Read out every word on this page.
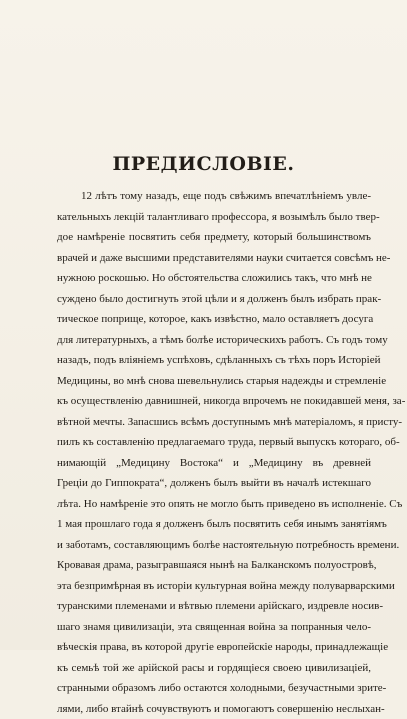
ПРЕДИСЛОВІЕ.
12 лѣтъ тому назадъ, еще подъ свѣжимъ впечатлѣніемъ увле-
кательныхъ лекцій талантливаго профессора, я возымѣлъ было твер-
дое намѣреніе посвятить себя предмету, который большинствомъ
врачей и даже высшими представителями науки считается совсѣмъ не-
нужною роскошью. Но обстоятельства сложились такъ, что мнѣ не
суждено было достигнуть этой цѣли и я долженъ былъ избрать прак-
тическое поприще, которое, какъ извѣстно, мало оставляетъ досуга
для литературныхъ, а тѣмъ болѣе историческихъ работъ. Съ годъ тому
назадъ, подъ вліяніемъ успѣховъ, сдѣланныхъ съ тѣхъ поръ Исторіей
Медицины, во мнѣ снова шевельнулись старыя надежды и стремленіе
къ осуществленію давнишней, никогда впрочемъ не покидавшей меня, за-
вѣтной мечты. Запасшись всѣмъ доступнымъ мнѣ матеріаломъ, я присту-
пилъ къ составленію предлагаемаго труда, первый выпускъ котораго, об-
нимающій „Медицину Востока“ и „Медицину въ древней
Греціи до Гиппократа“, долженъ былъ выйти въ началѣ истекшаго
лѣта. Но намѣреніе это опять не могло быть приведено въ исполненіе. Съ
1 мая прошлаго года я долженъ былъ посвятить себя инымъ занятіямъ
и заботамъ, составляющимъ болѣе настоятельную потребность времени.
Кровавая драма, разыгравшаяся нынѣ на Балканскомъ полуостровѣ,
эта безпримѣрная въ исторіи культурная война между полуварварскими
туранскими племенами и вѣтвью племени арійскаго, издревле носив-
шаго знамя цивилизаціи, эта священная война за попранныя чело-
вѣческія права, въ которой другіе европейскіе народы, принадлежащіе
къ семьѣ той же арійской расы и гордящіеся своею цивилизаціей,
странными образомъ либо остаются холодными, безучастными зрите-
лями, либо втайнѣ сочувствуютъ и помогаютъ совершенію неслыхан-
